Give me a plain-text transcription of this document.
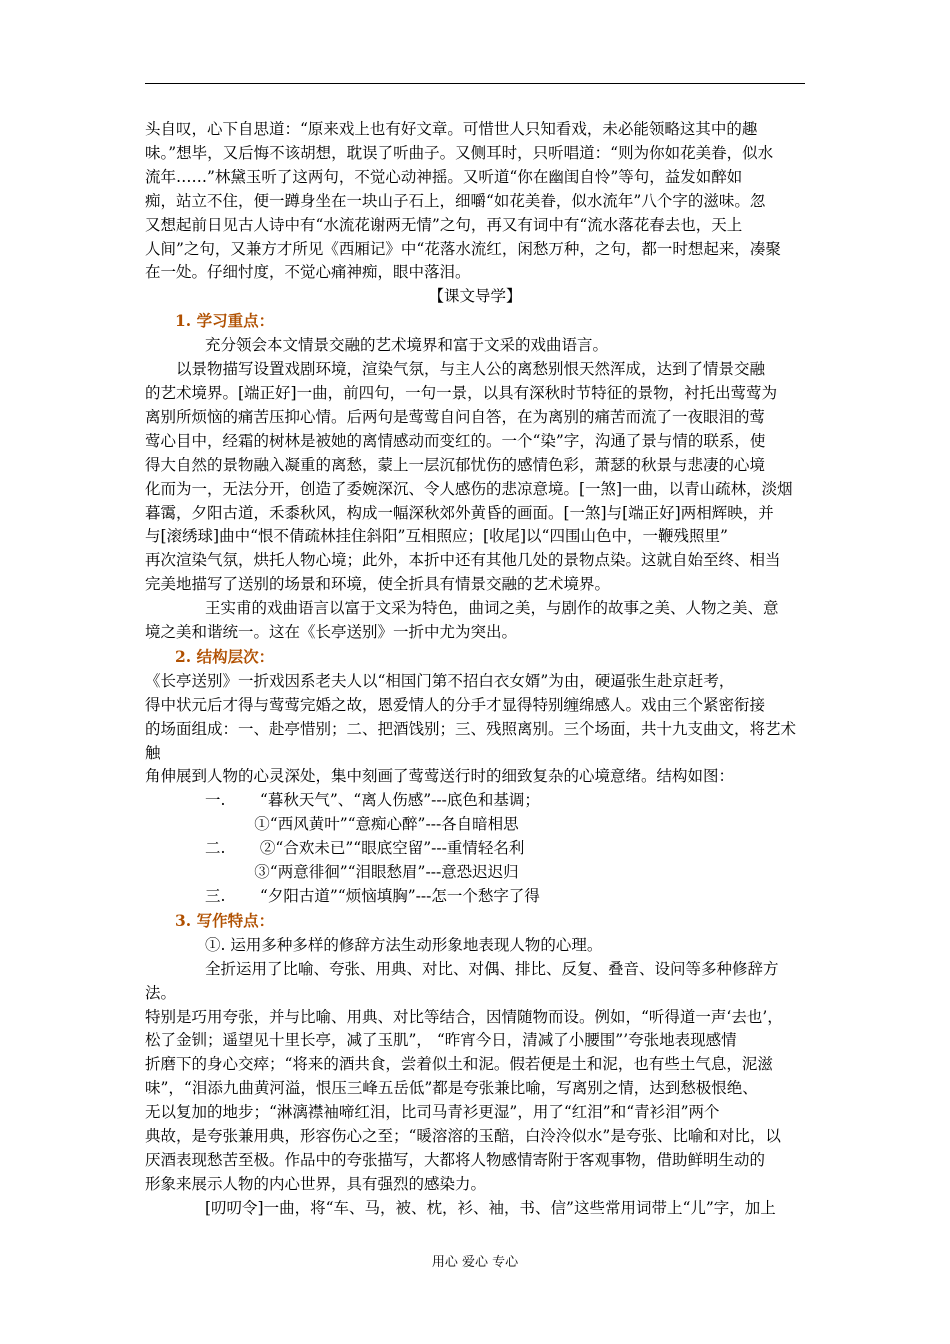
头自叹，心下自思道：“原来戏上也有好文章。可惜世人只知看戏，未必能领略这其中的趣

味。”想毕，又后悔不该胡想，耽误了听曲子。又侧耳时，只听唱道：“则为你如花美眷，似水

流年……”林黛玉听了这两句，不觉心动神摇。又听道“你在幽闺自怜”等句，益发如醉如

痴，站立不住，便一蹲身坐在一块山子石上，细嚼“如花美眷，似水流年”八个字的滋味。忽

又想起前日见古人诗中有“水流花谢两无情”之句，再又有词中有“流水落花春去也，天上

人间”之句，又兼方才所见《西厢记》中“花落水流红，闲愁万种，之句，都一时想起来，凑聚

在一处。仔细忖度，不觉心痛神痴，眼中落泪。

【课文导学】

1. 学习重点：

充分领会本文情景交融的艺术境界和富于文采的戏曲语言。

以景物描写设置戏剧环境，渲染气氛，与主人公的离愁别恨天然浑成，达到了情景交融

的艺术境界。[端正好]一曲，前四句，一句一景，以具有深秋时节特征的景物，衬托出莺莺为

离别所烦恼的痛苦压抑心情。后两句是莺莺自问自答，在为离别的痛苦而流了一夜眼泪的莺

莺心目中，经霜的树林是被她的离情感动而变红的。一个“染”字，沟通了景与情的联系，使

得大自然的景物融入凝重的离愁，蒙上一层沉郁忧伤的感情色彩，萧瑟的秋景与悲凄的心境

化而为一，无法分开，创造了委婉深沉、令人感伤的悲凉意境。[一煞]一曲，以青山疏林，淡烟

暮霭，夕阳古道，禾黍秋风，构成一幅深秋郊外黄昏的画面。[一煞]与[端正好]两相辉映，并

与[滚绣球]曲中“恨不倩疏林挂住斜阳”互相照应；[收尾]以“四围山色中，一鞭残照里”

再次渲染气氛，烘托人物心境；此外，本折中还有其他几处的景物点染。这就自始至终、相当

完美地描写了送别的场景和环境，使全折具有情景交融的艺术境界。

王实甫的戏曲语言以富于文采为特色，曲词之美，与剧作的故事之美、人物之美、意

境之美和谐统一。这在《长亭送别》一折中尤为突出。

2. 结构层次：

《长亭送别》一折戏因系老夫人以“相国门第不招白衣女婿”为由，硬逼张生赴京赶考，

得中状元后才得与莺莺完婚之故，恩爱情人的分手才显得特别缠绵感人。戏由三个紧密衔接

的场面组成：一、赴亭惜别；二、把酒饯别；三、残照离别。三个场面，共十九支曲文，将艺术触

角伸展到人物的心灵深处，集中刻画了莺莺送行时的细致复杂的心境意绪。结构如图：

一.       “暮秋天气”、“离人伤感”---底色和基调；

①“西风黄叶”“意痴心醉”---各自暗相思

二.       ②“合欢未已”“眼底空留”---重情轻名利

③“两意徘徊”“泪眼愁眉”---意恐迟迟归

三.       “夕阳古道”“烦恼填胸”---怎一个愁字了得

3. 写作特点：

①. 运用多种多样的修辞方法生动形象地表现人物的心理。

全折运用了比喻、夸张、用典、对比、对偶、排比、反复、叠音、设问等多种修辞方法。

特别是巧用夸张，并与比喻、用典、对比等结合，因情随物而设。例如，“听得道一声‘去也’，

松了金钏；遥望见十里长亭，减了玉肌”， “昨宵今日，清减了小腰围”’夸张地表现感情

折磨下的身心交瘁；“将来的酒共食，尝着似土和泥。假若便是土和泥，也有些土气息，泥滋

味”，“泪添九曲黄河溢，恨压三峰五岳低”都是夸张兼比喻，写离别之情，达到愁极恨绝、

无以复加的地步；“淋漓襟袖啼红泪，比司马青衫更湿”，用了“红泪”和“青衫泪”两个

典故，是夸张兼用典，形容伤心之至；“暖溶溶的玉醅，白泠泠似水”是夸张、比喻和对比，以

厌酒表现愁苦至极。作品中的夸张描写，大都将人物感情寄附于客观事物，借助鲜明生动的

形象来展示人物的内心世界，具有强烈的感染力。

[叨叨令]一曲，将“车、马，被、枕，衫、袖，书、信”这些常用词带上“儿”字，加上

用心 爱心 专心
